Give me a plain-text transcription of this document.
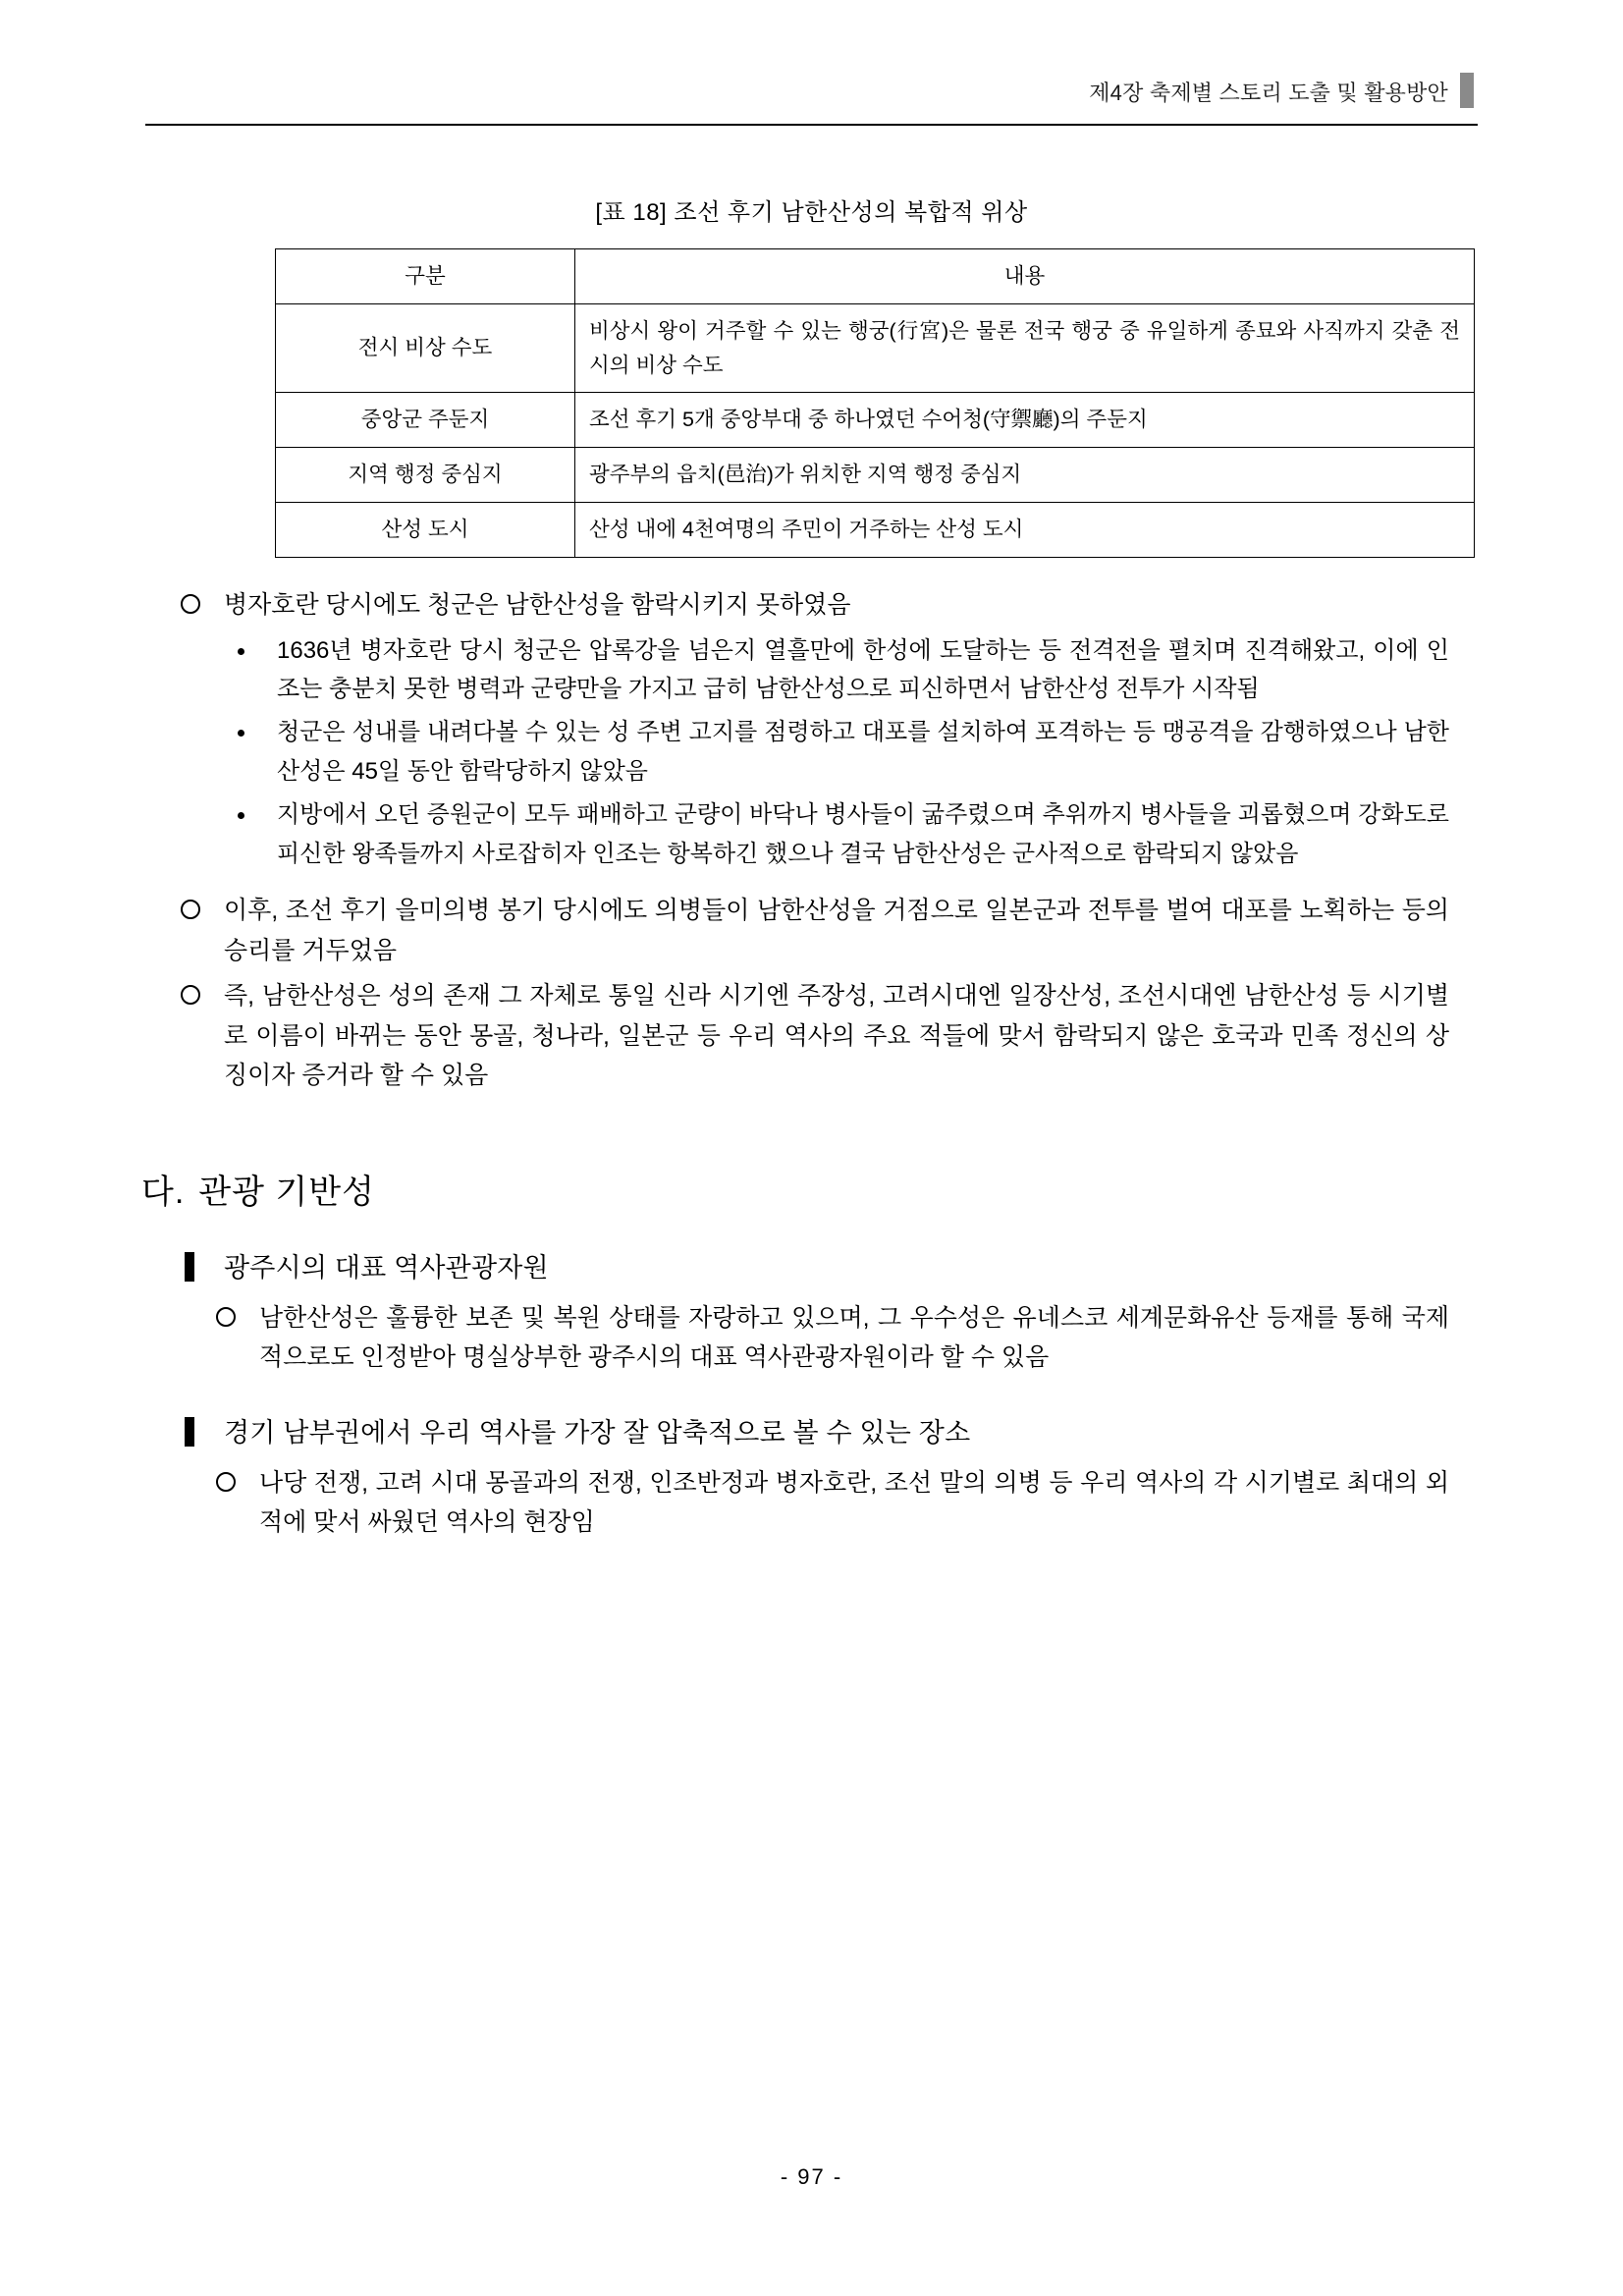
제4장 축제별 스토리 도출 및 활용방안
[표 18] 조선 후기 남한산성의 복합적 위상
구분	내용
전시 비상 수도	비상시 왕이 거주할 수 있는 행궁(行宮)은 물론 전국 행궁 중 유일하게 종묘와 사직까지 갖춘 전시의 비상 수도
중앙군 주둔지	조선 후기 5개 중앙부대 중 하나였던 수어청(守禦廳)의 주둔지
지역 행정 중심지	광주부의 읍치(邑治)가 위치한 지역 행정 중심지
산성 도시	산성 내에 4천여명의 주민이 거주하는 산성 도시
병자호란 당시에도 청군은 남한산성을 함락시키지 못하였음
1636년 병자호란 당시 청군은 압록강을 넘은지 열흘만에 한성에 도달하는 등 전격전을 펼치며 진격해왔고, 이에 인조는 충분치 못한 병력과 군량만을 가지고 급히 남한산성으로 피신하면서 남한산성 전투가 시작됨
청군은 성내를 내려다볼 수 있는 성 주변 고지를 점령하고 대포를 설치하여 포격하는 등 맹공격을 감행하였으나 남한산성은 45일 동안 함락당하지 않았음
지방에서 오던 증원군이 모두 패배하고 군량이 바닥나 병사들이 굶주렸으며 추위까지 병사들을 괴롭혔으며 강화도로 피신한 왕족들까지 사로잡히자 인조는 항복하긴 했으나 결국 남한산성은 군사적으로 함락되지 않았음
이후, 조선 후기 을미의병 봉기 당시에도 의병들이 남한산성을 거점으로 일본군과 전투를 벌여 대포를 노획하는 등의 승리를 거두었음
즉, 남한산성은 성의 존재 그 자체로 통일 신라 시기엔 주장성, 고려시대엔 일장산성, 조선시대엔 남한산성 등 시기별로 이름이 바뀌는 동안 몽골, 청나라, 일본군 등 우리 역사의 주요 적들에 맞서 함락되지 않은 호국과 민족 정신의 상징이자 증거라 할 수 있음
다. 관광 기반성
광주시의 대표 역사관광자원
남한산성은 훌륭한 보존 및 복원 상태를 자랑하고 있으며, 그 우수성은 유네스코 세계문화유산 등재를 통해 국제적으로도 인정받아 명실상부한 광주시의 대표 역사관광자원이라 할 수 있음
경기 남부권에서 우리 역사를 가장 잘 압축적으로 볼 수 있는 장소
나당 전쟁, 고려 시대 몽골과의 전쟁, 인조반정과 병자호란, 조선 말의 의병 등 우리 역사의 각 시기별로 최대의 외적에 맞서 싸웠던 역사의 현장임
- 97 -
